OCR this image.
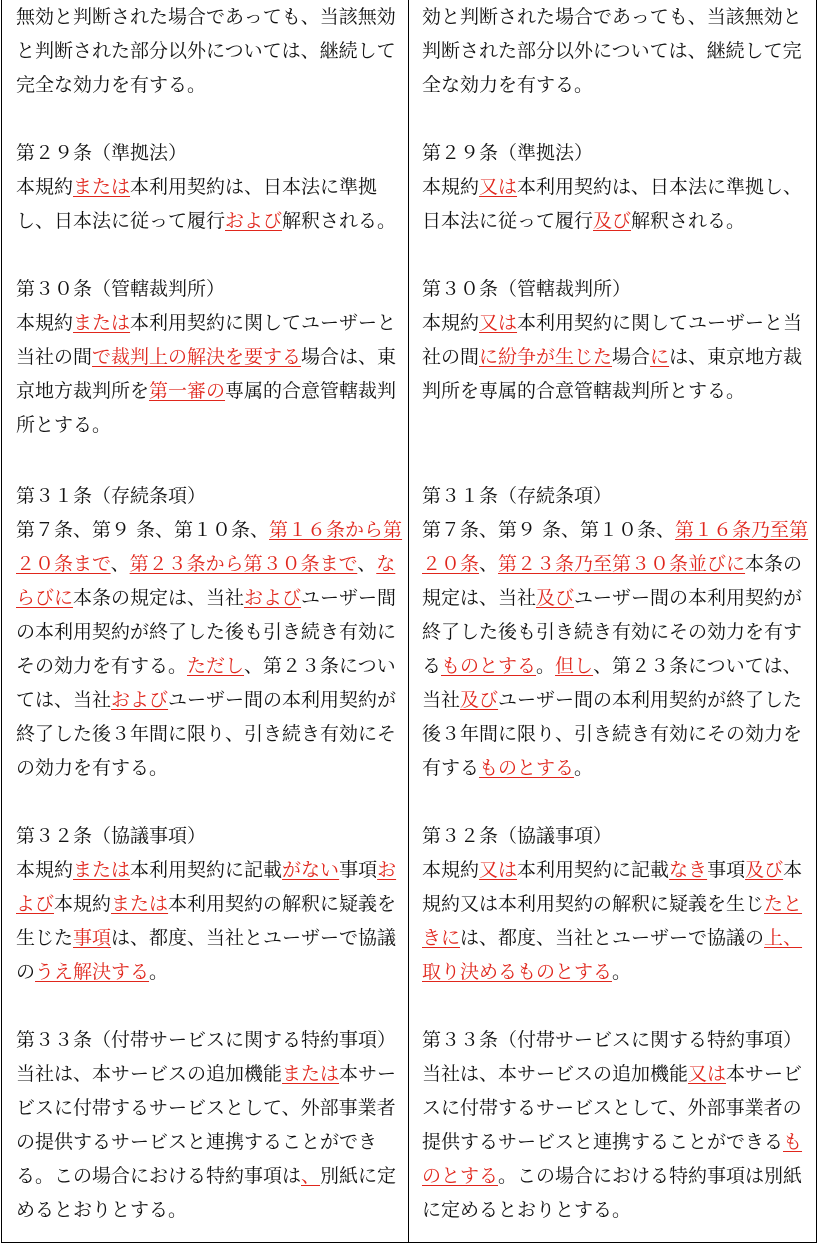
無効と判断された場合であっても、当該無効と判断された部分以外については、継続して完全な効力を有する。

第２９条（準拠法）

本規約または本利用契約は、日本法に準拠し、日本法に従って履行および解釈される。

第３０条（管轄裁判所）

本規約または本利用契約に関してユーザーと当社の間で裁判上の解決を要する場合は、東京地方裁判所を第一審の専属的合意管轄裁判所とする。

第３１条（存続条項）

第７条、第９ 条、第１０条、第１６条から第２０条まで、第２３条から第３０条まで、ならびに本条の規定は、当社およびユーザー間の本利用契約が終了した後も引き続き有効にその効力を有する。ただし、第２３条については、当社およびユーザー間の本利用契約が終了した後３年間に限り、引き続き有効にその効力を有する。

第３２条（協議事項）

本規約または本利用契約に記載がない事項および本規約または本利用契約の解釈に疑義を生じた事項は、都度、当社とユーザーで協議のうえ解決する。

第３３条（付帯サービスに関する特約事項）

当社は、本サービスの追加機能または本サービスに付帯するサービスとして、外部事業者の提供するサービスと連携することができる。この場合における特約事項は、別紙に定めるとおりとする。

効と判断された場合であっても、当該無効と判断された部分以外については、継続して完全な効力を有する。

第２９条（準拠法）

本規約又は本利用契約は、日本法に準拠し、日本法に従って履行及び解釈される。

第３０条（管轄裁判所）

本規約又は本利用契約に関してユーザーと当社の間に紛争が生じた場合には、東京地方裁判所を専属的合意管轄裁判所とする。

第３１条（存続条項）

第７条、第９ 条、第１０条、第１６条乃至第２０条、第２３条乃至第３０条並びに本条の規定は、当社及びユーザー間の本利用契約が終了した後も引き続き有効にその効力を有するものとする。但し、第２３条については、当社及びユーザー間の本利用契約が終了した後３年間に限り、引き続き有効にその効力を有するものとする。

第３２条（協議事項）

本規約又は本利用契約に記載なき事項及び本規約又は本利用契約の解釈に疑義を生じたときには、都度、当社とユーザーで協議の上、取り決めるものとする。

第３３条（付帯サービスに関する特約事項）

当社は、本サービスの追加機能又は本サービスに付帯するサービスとして、外部事業者の提供するサービスと連携することができるものとする。この場合における特約事項は別紙に定めるとおりとする。
